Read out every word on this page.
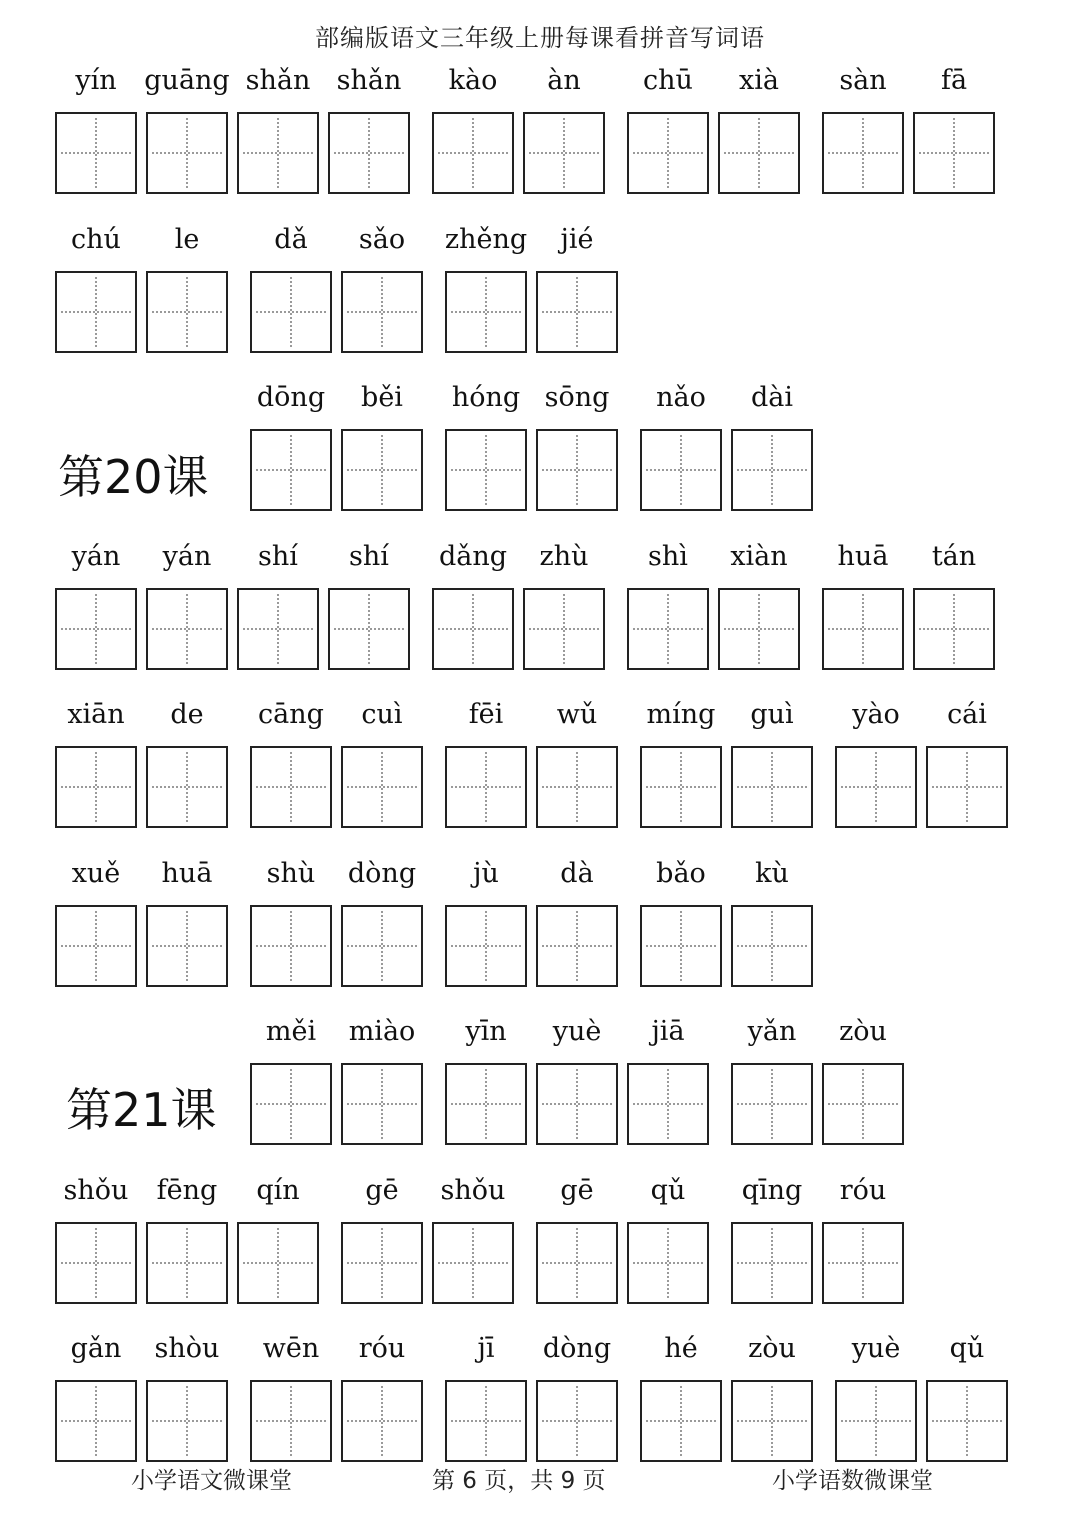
部编版语文三年级上册每课看拼音写词语
yín	guāng shǎn shǎn	kào	àn	chū	xià	sàn	fā
chú	le	dǎ	sǎo	zhěng	jié
第20课
dōng	běi	hóng sōng	nǎo	dài
yán	yán	shí	shí	dǎng	zhù	shì	xiàn	huā	tán
xiān	de	cāng	cuì	fēi	wǔ	míng	guì	yào	cái
xuě	huā	shù	dòng	jù	dà	bǎo	kù
第21课
měi	miào	yīn	yuè	jiā	yǎn	zòu
shǒu	fēng	qín	gē	shǒu	gē	qǔ	qīng	róu
gǎn	shòu	wēn	róu	jī	dòng	hé	zòu	yuè	qǔ
小学语文微课堂	第 6 页，共 9 页	小学语数微课堂
